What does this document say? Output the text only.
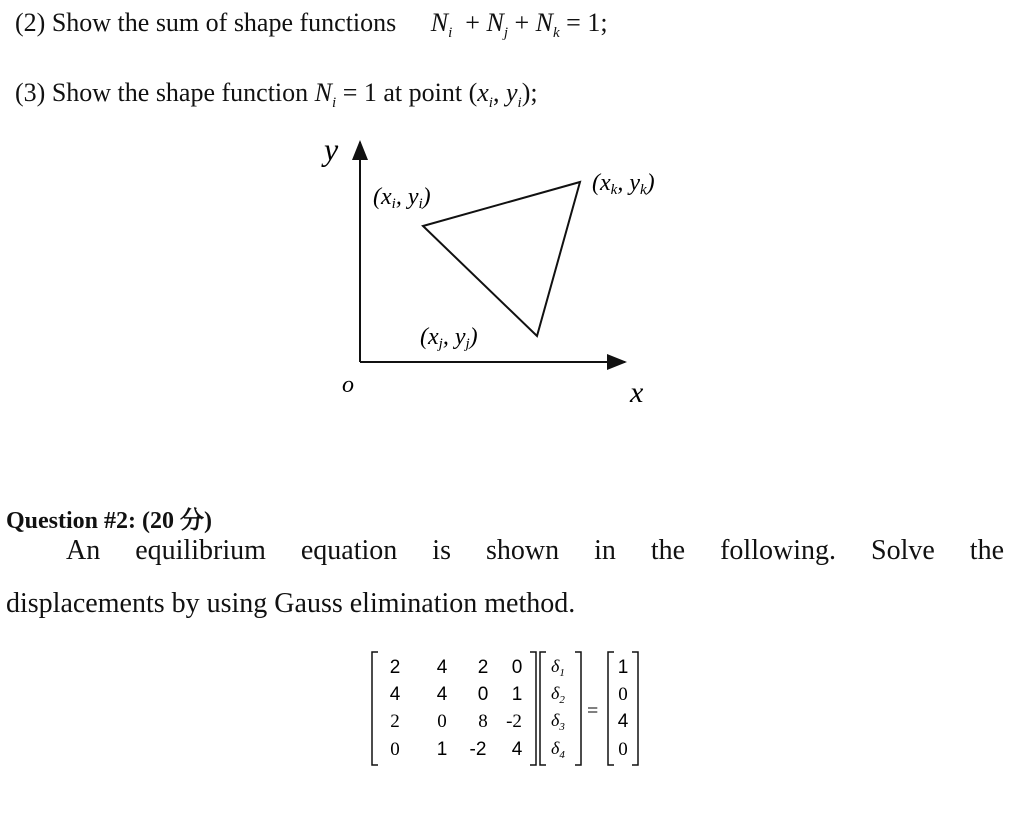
(2) Show the sum of shape functions $N_i + N_j + N_k = 1$;
(3) Show the shape function $N_i = 1$ at point ($x_i$, $y_i$);
y
x
o
(xi, yi)
(xk, yk)
(xj, yj)
Question #2: (20 分)
An equilibrium equation is shown in the following. Solve the
displacements by using Gauss elimination method.
2 4 2 0
4 4 0 1
2 0 8 -2
0 1 -2 4
$\delta_1$
$\delta_2$
$\delta_3$
$\delta_4$
=
1
0
4
0
